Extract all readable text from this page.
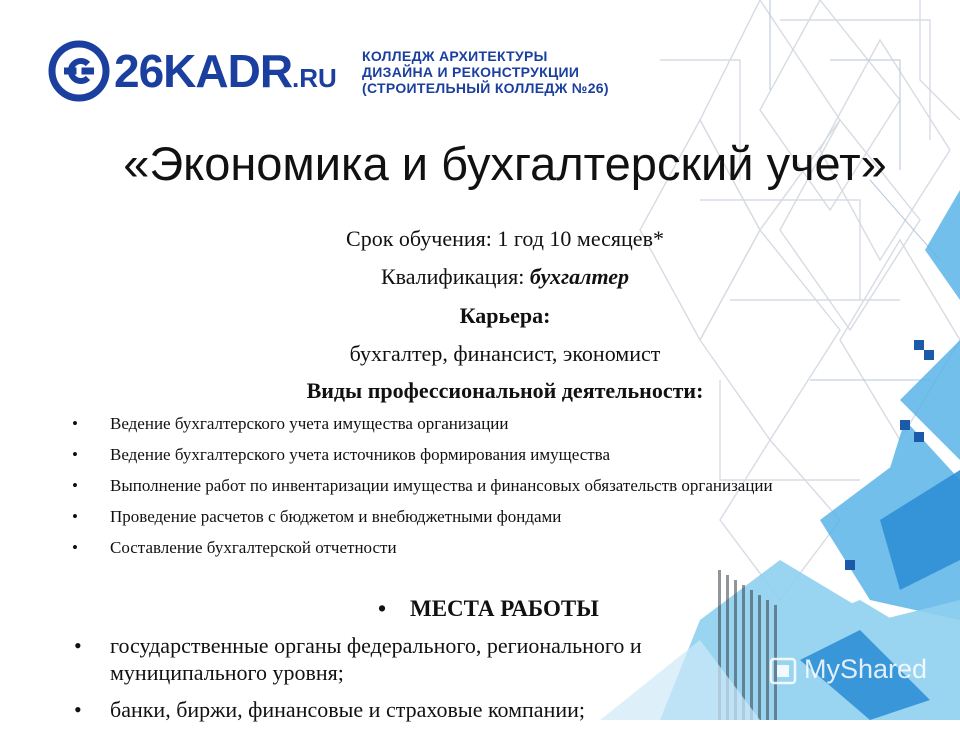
26KADR.RU
КОЛЛЕДЖ АРХИТЕКТУРЫ
ДИЗАЙНА И РЕКОНСТРУКЦИИ
(СТРОИТЕЛЬНЫЙ КОЛЛЕДЖ №26)
«Экономика и бухгалтерский учет»
Срок обучения: 1 год 10 месяцев*
Квалификация: бухгалтер
Карьера:
бухгалтер, финансист, экономист
Виды профессиональной деятельности:
• Ведение бухгалтерского учета имущества организации
• Ведение бухгалтерского учета источников формирования имущества
• Выполнение работ по инвентаризации имущества и финансовых обязательств организации
• Проведение расчетов с бюджетом и внебюджетными фондами
• Составление бухгалтерской отчетности
• МЕСТА РАБОТЫ
• государственные органы федерального, регионального и муниципального уровня;
• банки, биржи, финансовые и страховые компании;
MyShared
